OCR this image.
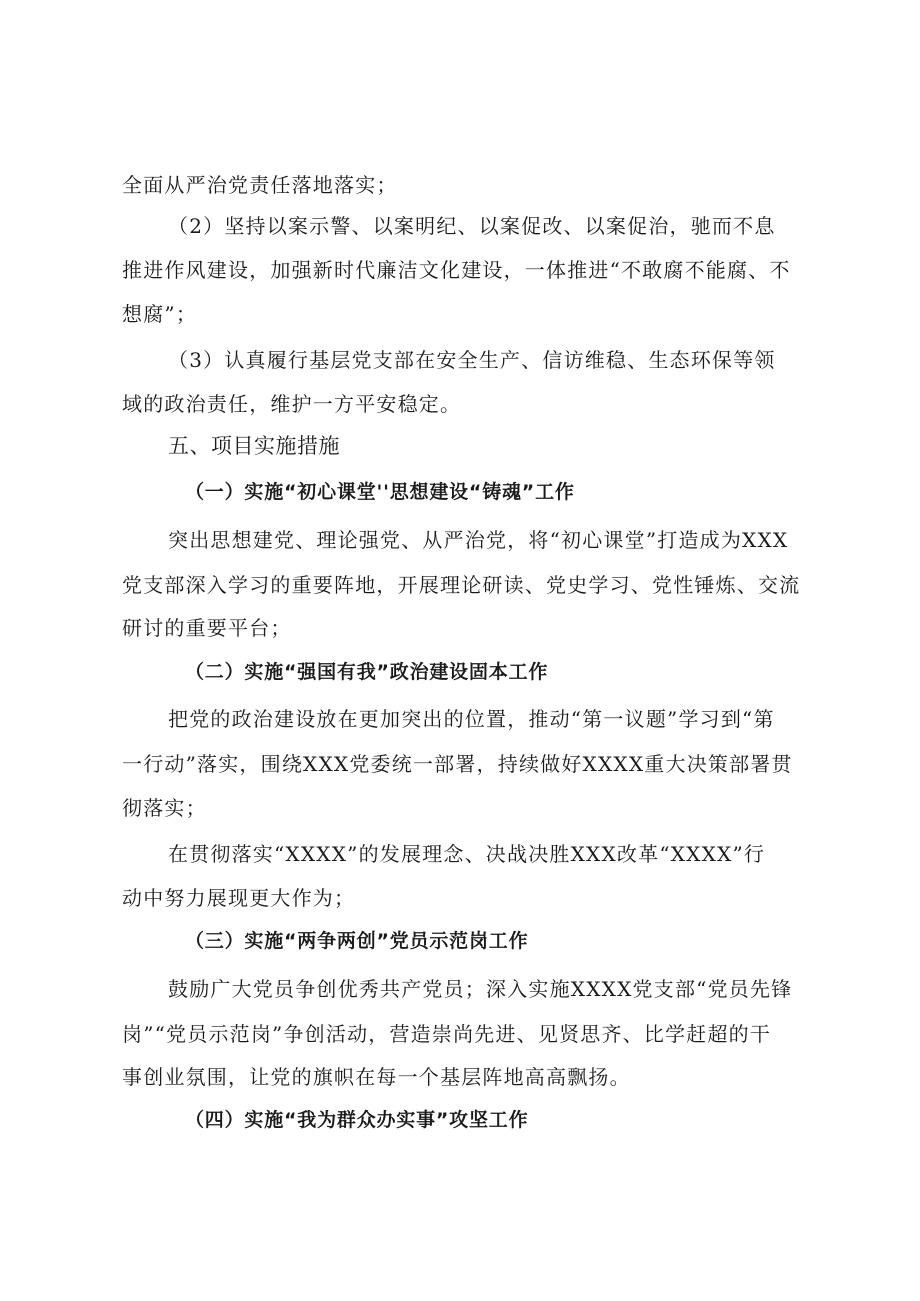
全面从严治党责任落地落实；
（2）坚持以案示警、以案明纪、以案促改、以案促治，驰而不息
推进作风建设，加强新时代廉洁文化建设，一体推进“不敢腐不能腐、不
想腐”；
（3）认真履行基层党支部在安全生产、信访维稳、生态环保等领
域的政治责任，维护一方平安稳定。
五、项目实施措施
（一）实施“初心课堂''思想建设“铸魂”工作
突出思想建党、理论强党、从严治党，将“初心课堂”打造成为XXX
党支部深入学习的重要阵地，开展理论研读、党史学习、党性锤炼、交流
研讨的重要平台；
（二）实施“强国有我”政治建设固本工作
把党的政治建设放在更加突出的位置，推动“第一议题”学习到“第
一行动”落实，围绕XXX党委统一部署，持续做好XXXX重大决策部署贯
彻落实；
在贯彻落实“XXXX”的发展理念、决战决胜XXX改革“XXXX”行
动中努力展现更大作为；
（三）实施“两争两创”党员示范岗工作
鼓励广大党员争创优秀共产党员；深入实施XXXX党支部“党员先锋
岗”“党员示范岗”争创活动，营造崇尚先进、见贤思齐、比学赶超的干
事创业氛围，让党的旗帜在每一个基层阵地高高飘扬。
（四）实施“我为群众办实事”攻坚工作
